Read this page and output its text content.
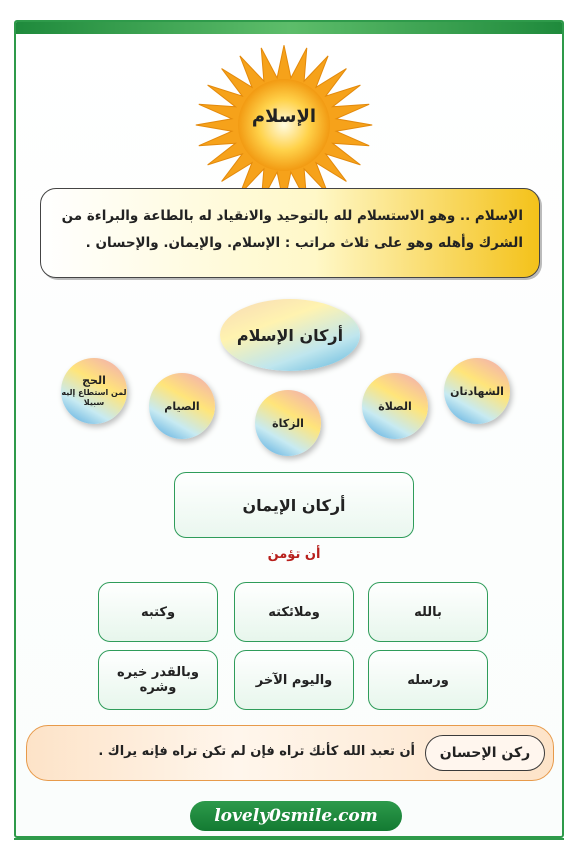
الإسلام
الإسلام .. وهو الاستسلام لله بالتوحيد والانقياد له بالطاعة والبراءة من
الشرك وأهله وهو على ثلاث مراتب : الإسلام. والإيمان. والإحسان .
أركان الإسلام
الشهادتان
الصلاة
الزكاة
الصيام
الحج
لمن استطاع إليه سبيلا
أركان الإيمان
أن تؤمن
بالله
وملائكته
وكتبه
ورسله
واليوم الآخر
وبالقدر خيره وشره
ركن الإحسان
أن تعبد الله كأنك تراه فإن لم تكن تراه فإنه يراك .
lovely0smile.com
